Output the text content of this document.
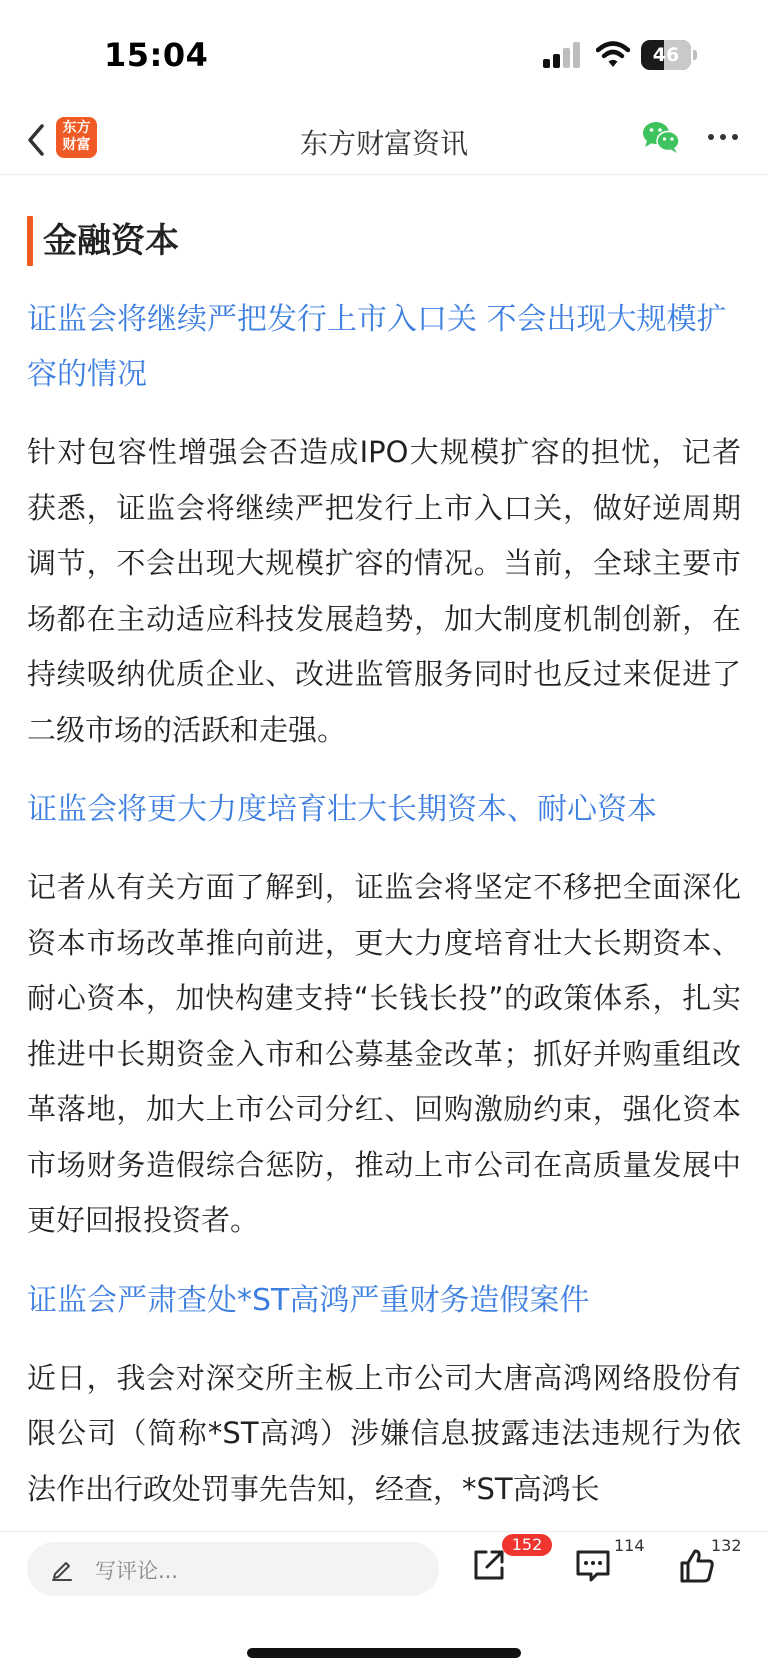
15:04	46
东方
财富	东方财富资讯
金融资本
证监会将继续严把发行上市入口关 不会出现大规模扩容的情况
针对包容性增强会否造成IPO大规模扩容的担忧，记者获悉，证监会将继续严把发行上市入口关，做好逆周期调节，不会出现大规模扩容的情况。当前，全球主要市场都在主动适应科技发展趋势，加大制度机制创新，在持续吸纳优质企业、改进监管服务同时也反过来促进了二级市场的活跃和走强。
证监会将更大力度培育壮大长期资本、耐心资本
记者从有关方面了解到，证监会将坚定不移把全面深化资本市场改革推向前进，更大力度培育壮大长期资本、耐心资本，加快构建支持“长钱长投”的政策体系，扎实推进中长期资金入市和公募基金改革；抓好并购重组改革落地，加大上市公司分红、回购激励约束，强化资本市场财务造假综合惩防，推动上市公司在高质量发展中更好回报投资者。
证监会严肃查处*ST高鸿严重财务造假案件
近日，我会对深交所主板上市公司大唐高鸿网络股份有限公司（简称*ST高鸿）涉嫌信息披露违法违规行为依法作出行政处罚事先告知，经查，*ST高鸿长
写评论...
152	114	132
